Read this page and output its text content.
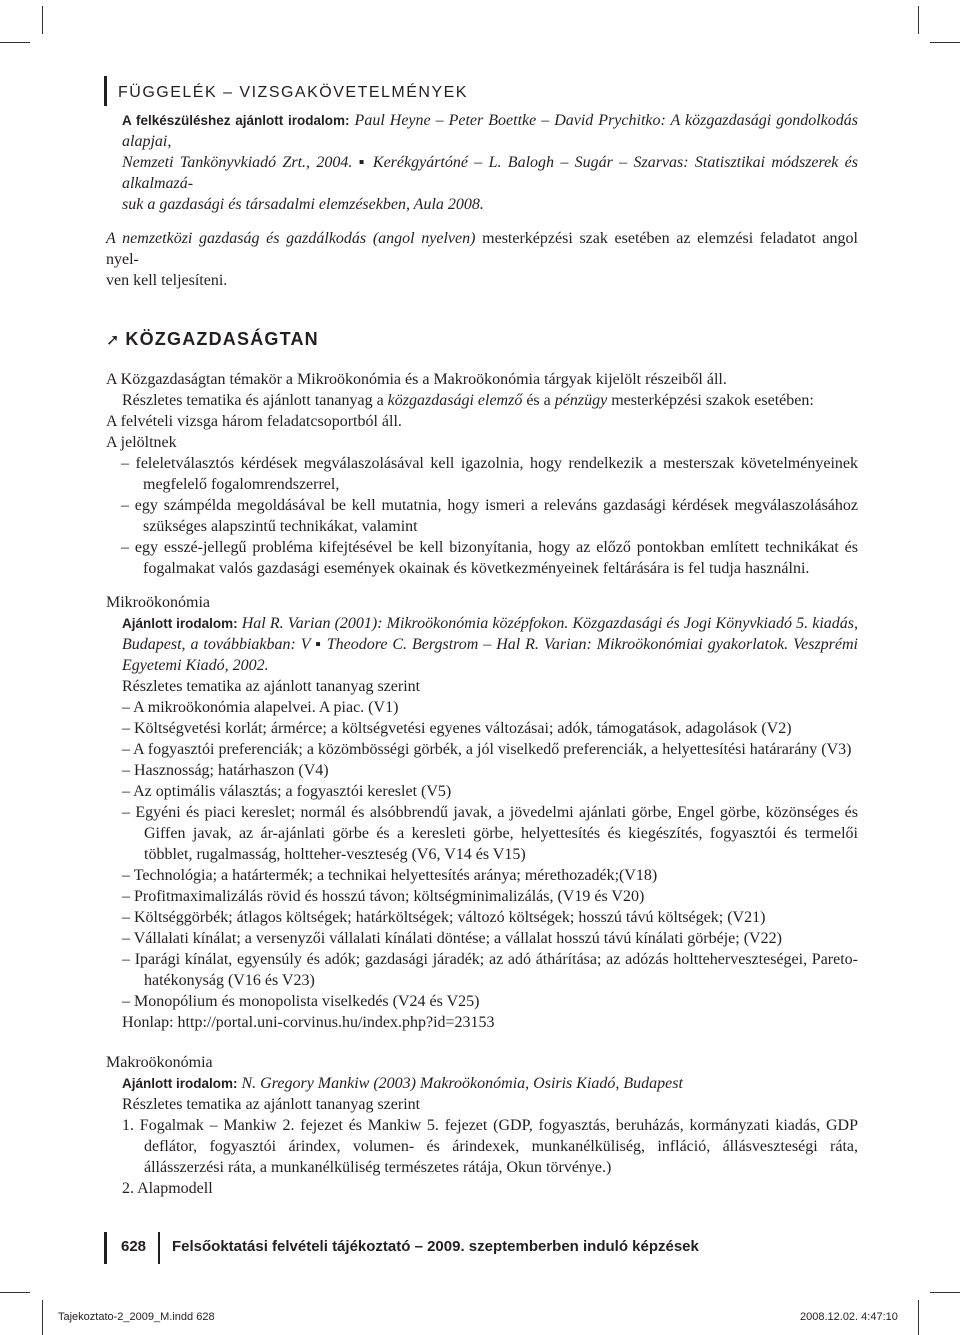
FÜGGELÉK – VIZSGAKÖVETELMÉNYEK

A felkészüléshez ajánlott irodalom: Paul Heyne – Peter Boettke – David Prychitko: A közgazdasági gondolkodás alapjai,

Nemzeti Tankönyvkiadó Zrt., 2004. ▪ Kerékgyártóné – L. Balogh – Sugár – Szarvas: Statisztikai módszerek és alkalmazá-

suk a gazdasági és társadalmi elemzésekben, Aula 2008.

A nemzetközi gazdaság és gazdálkodás (angol nyelven) mesterképzési szak esetében az elemzési feladatot angol nyel-

ven kell teljesíteni.

➚ KÖZGAZDASÁGTAN

A Közgazdaságtan témakör a Mikroökonómia és a Makroökonómia tárgyak kijelölt részeiből áll.

Részletes tematika és ajánlott tananyag a közgazdasági elemző és a pénzügy mesterképzési szakok esetében:

A felvételi vizsga három feladatcsoportból áll.

A jelöltnek

– feleletválasztós kérdések megválaszolásával kell igazolnia, hogy rendelkezik a mesterszak követelményeinek megfelelő fogalomrendszerrel,
– egy számpélda megoldásával be kell mutatnia, hogy ismeri a releváns gazdasági kérdések megválaszolásához szükséges alapszintű technikákat, valamint
– egy esszé-jellegű probléma kifejtésével be kell bizonyítania, hogy az előző pontokban említett technikákat és fogalmakat valós gazdasági események okainak és következményeinek feltárására is fel tudja használni.

Mikroökonómia

Ajánlott irodalom: Hal R. Varian (2001): Mikroökonómia középfokon. Közgazdasági és Jogi Könyvkiadó 5. kiadás, Budapest, a továbbiakban: V ▪ Theodore C. Bergstrom – Hal R. Varian: Mikroökonómiai gyakorlatok. Veszprémi Egyetemi Kiadó, 2002.

Részletes tematika az ajánlott tananyag szerint

– A mikroökonómia alapelvei. A piac. (V1)
– Költségvetési korlát; ármérce; a költségvetési egyenes változásai; adók, támogatások, adagolások (V2)
– A fogyasztói preferenciák; a közömbösségi görbék, a jól viselkedő preferenciák, a helyettesítési határarány (V3)
– Hasznosság; határhaszon (V4)
– Az optimális választás; a fogyasztói kereslet (V5)
– Egyéni és piaci kereslet; normál és alsóbbrendű javak, a jövedelmi ajánlati görbe, Engel görbe, közönséges és Giffen javak, az ár-ajánlati görbe és a keresleti görbe, helyettesítés és kiegészítés, fogyasztói és termelői többlet, rugalmasság, holtteher-veszteség (V6, V14 és V15)
– Technológia; a határtermék; a technikai helyettesítés aránya; mérethozadék;(V18)
– Profitmaximalizálás rövid és hosszú távon; költségminimalizálás, (V19 és V20)
– Költséggörbék; átlagos költségek; határköltségek; változó költségek; hosszú távú költségek; (V21)
– Vállalati kínálat; a versenyzői vállalati kínálati döntése; a vállalat hosszú távú kínálati görbéje; (V22)
– Iparági kínálat, egyensúly és adók; gazdasági járadék; az adó áthárítása; az adózás holtteherveszteségei, Pareto-hatékonyság (V16 és V23)
– Monopólium és monopolista viselkedés (V24 és V25)

Honlap: http://portal.uni-corvinus.hu/index.php?id=23153

Makroökonómia

Ajánlott irodalom: N. Gregory Mankiw (2003) Makroökonómia, Osiris Kiadó, Budapest

Részletes tematika az ajánlott tananyag szerint

1. Fogalmak – Mankiw 2. fejezet és Mankiw 5. fejezet (GDP, fogyasztás, beruházás, kormányzati kiadás, GDP deflátor, fogyasztói árindex, volumen- és árindexek, munkanélküliség, infláció, állásveszteségi ráta, állásszerzési ráta, a munkanélküliség természetes rátája, Okun törvénye.)
2. Alapmodell
628 Felsőoktatási felvételi tájékoztató – 2009. szeptemberben induló képzések
Tajekoztato-2_2009_M.indd 628	2008.12.02. 4:47:10
